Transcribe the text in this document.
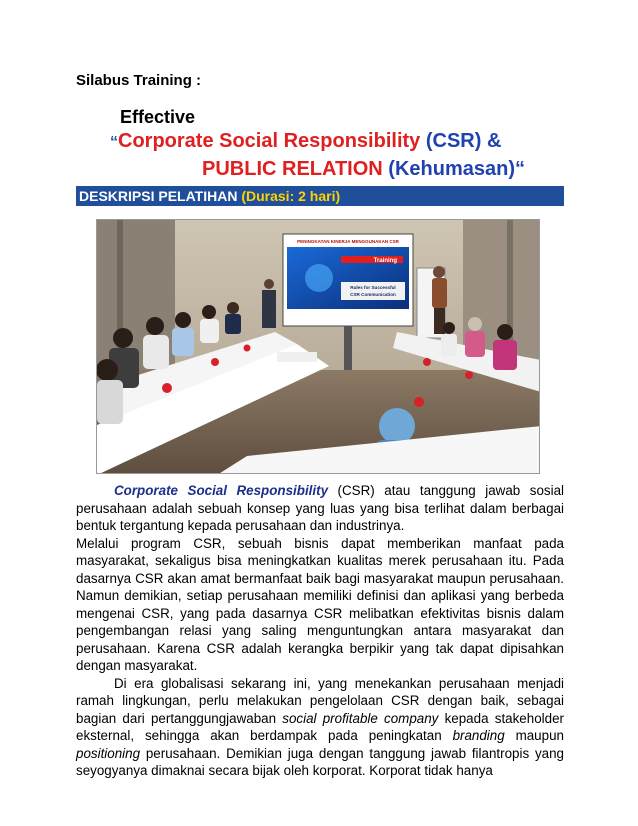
Silabus Training :
Effective
“Corporate Social Responsibility (CSR) &
PUBLIC RELATION (Kehumasan)“
DESKRIPSI PELATIHAN (Durasi: 2 hari)
PENINGKATAN KINERJA MENGGUNAKAN CSR
Training
Rules for Successful
CSR Communication

Corporate Social Responsibility (CSR) atau tanggung jawab sosial perusahaan adalah sebuah konsep yang luas yang bisa terlihat dalam berbagai bentuk tergantung kepada perusahaan dan industrinya.

Melalui program CSR, sebuah bisnis dapat memberikan manfaat pada masyarakat, sekaligus bisa meningkatkan kualitas merek perusahaan itu. Pada dasarnya CSR akan amat bermanfaat baik bagi masyarakat maupun perusahaan. Namun demikian, setiap perusahaan memiliki definisi dan aplikasi yang berbeda mengenai CSR, yang pada dasarnya CSR melibatkan efektivitas bisnis dalam pengembangan relasi yang saling menguntungkan antara masyarakat dan perusahaan. Karena CSR adalah kerangka berpikir yang tak dapat dipisahkan dengan masyarakat.

Di era globalisasi sekarang ini, yang menekankan perusahaan menjadi ramah lingkungan, perlu melakukan pengelolaan CSR dengan baik, sebagai bagian dari pertanggungjawaban social profitable company kepada stakeholder eksternal, sehingga akan berdampak pada peningkatan branding maupun positioning perusahaan. Demikian juga dengan tanggung jawab filantropis yang seyogyanya dimaknai secara bijak oleh korporat. Korporat tidak hanya
